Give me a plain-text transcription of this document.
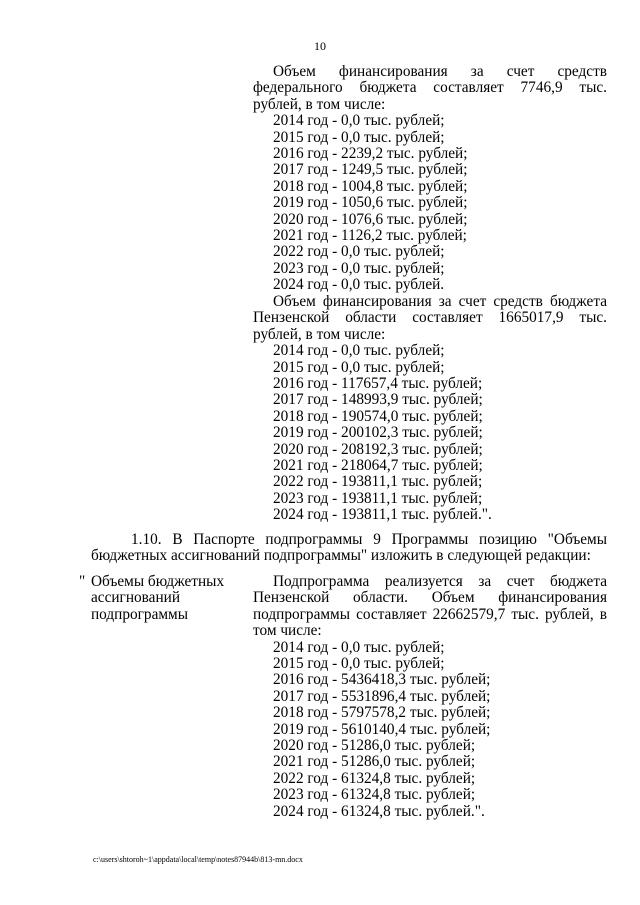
10
Объем финансирования за счет средств федерального бюджета составляет 7746,9 тыс. рублей, в том числе:
2014 год - 0,0 тыс. рублей;
2015 год - 0,0 тыс. рублей;
2016 год - 2239,2 тыс. рублей;
2017 год - 1249,5 тыс. рублей;
2018 год - 1004,8 тыс. рублей;
2019 год - 1050,6 тыс. рублей;
2020 год - 1076,6 тыс. рублей;
2021 год - 1126,2 тыс. рублей;
2022 год - 0,0 тыс. рублей;
2023 год - 0,0 тыс. рублей;
2024 год - 0,0 тыс. рублей.
Объем финансирования за счет средств бюджета Пензенской области составляет 1665017,9 тыс. рублей, в том числе:
2014 год - 0,0 тыс. рублей;
2015 год - 0,0 тыс. рублей;
2016 год - 117657,4 тыс. рублей;
2017 год - 148993,9 тыс. рублей;
2018 год - 190574,0 тыс. рублей;
2019 год - 200102,3 тыс. рублей;
2020 год - 208192,3 тыс. рублей;
2021 год - 218064,7 тыс. рублей;
2022 год - 193811,1 тыс. рублей;
2023 год - 193811,1 тыс. рублей;
2024 год - 193811,1 тыс. рублей.".
1.10. В Паспорте подпрограммы 9 Программы позицию "Объемы бюджетных ассигнований подпрограммы" изложить в следующей редакции:
" Объемы бюджетных ассигнований подпрограммы
Подпрограмма реализуется за счет бюджета Пензенской области. Объем финансирования подпрограммы составляет 22662579,7 тыс. рублей, в том числе:
2014 год - 0,0 тыс. рублей;
2015 год - 0,0 тыс. рублей;
2016 год - 5436418,3 тыс. рублей;
2017 год - 5531896,4 тыс. рублей;
2018 год - 5797578,2 тыс. рублей;
2019 год - 5610140,4 тыс. рублей;
2020 год - 51286,0 тыс. рублей;
2021 год - 51286,0 тыс. рублей;
2022 год - 61324,8 тыс. рублей;
2023 год - 61324,8 тыс. рублей;
2024 год - 61324,8 тыс. рублей.".
c:\users\shtoroh~1\appdata\local\temp\notes87944b\813-mn.docx
